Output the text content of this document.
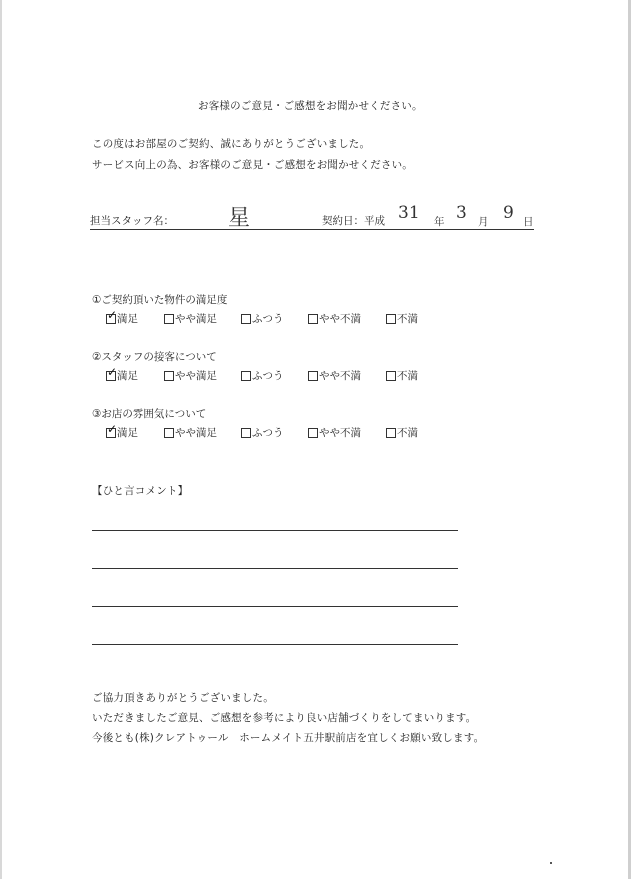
お客様のご意見・ご感想をお聞かせください。
この度はお部屋のご契約、誠にありがとうございました。
サービス向上の為、お客様のご意見・ご感想をお聞かせください。
担当スタッフ名： 星	契約日：平成 31 年 3 月 9 日
①ご契約頂いた物件の満足度
✓ 満足	やや満足	ふつう	やや不満	不満
②スタッフの接客について
✓ 満足	やや満足	ふつう	やや不満	不満
③お店の雰囲気について
✓ 満足	やや満足	ふつう	やや不満	不満
【ひと言コメント】
ご協力頂きありがとうございました。
いただきましたご意見、ご感想を参考により良い店舗づくりをしてまいります。
今後とも(株)クレアトゥール　ホームメイト五井駅前店を宜しくお願い致します。
